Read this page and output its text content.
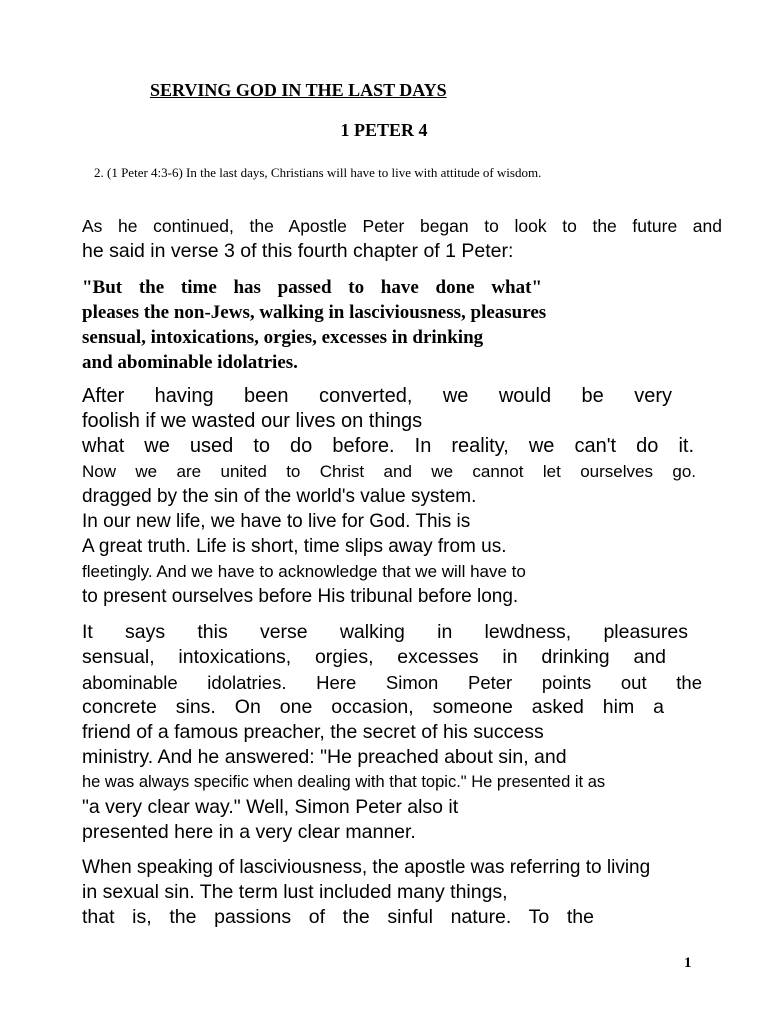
SERVING GOD IN THE LAST DAYS
1 PETER 4
2. (1 Peter 4:3-6) In the last days, Christians will have to live with attitude of wisdom.
As he continued, the Apostle Peter began to look to the future and
he said in verse 3 of this fourth chapter of 1 Peter:
"But the time has passed to have done what"
pleases the non-Jews, walking in lasciviousness, pleasures
sensual, intoxications, orgies, excesses in drinking
and abominable idolatries.
After having been converted, we would be very
foolish if we wasted our lives on things
what we used to do before. In reality, we can't do it.
Now we are united to Christ and we cannot let ourselves go.
dragged by the sin of the world's value system.
In our new life, we have to live for God. This is
A great truth. Life is short, time slips away from us.
fleetingly. And we have to acknowledge that we will have to
to present ourselves before His tribunal before long.
It says this verse walking in lewdness, pleasures
sensual, intoxications, orgies, excesses in drinking and
abominable idolatries. Here Simon Peter points out the
concrete sins. On one occasion, someone asked him a
friend of a famous preacher, the secret of his success
ministry. And he answered: "He preached about sin, and
he was always specific when dealing with that topic." He presented it as
"a very clear way." Well, Simon Peter also it
presented here in a very clear manner.
When speaking of lasciviousness, the apostle was referring to living
in sexual sin. The term lust included many things,
that is, the passions of the sinful nature. To the
1
